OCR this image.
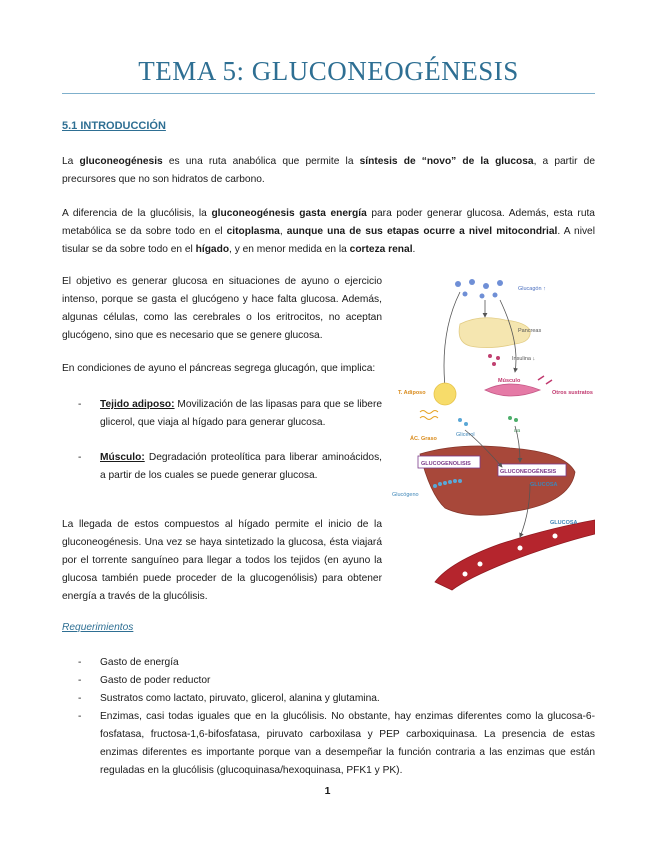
TEMA 5: GLUCONEOGÉNESIS
5.1 INTRODUCCIÓN

La gluconeogénesis es una ruta anabólica que permite la síntesis de “novo” de la glucosa, a partir de precursores que no son hidratos de carbono.

A diferencia de la glucólisis, la gluconeogénesis gasta energía para poder generar glucosa. Además, esta ruta metabólica se da sobre todo en el citoplasma, aunque una de sus etapas ocurre a nivel mitocondrial. A nivel tisular se da sobre todo en el hígado, y en menor medida en la corteza renal.

El objetivo es generar glucosa en situaciones de ayuno o ejercicio intenso, porque se gasta el glucógeno y hace falta glucosa. Además, algunas células, como las cerebrales o los eritrocitos, no aceptan glucógeno, sino que es necesario que se genere glucosa.

En condiciones de ayuno el páncreas segrega glucagón, que implica:

- Tejido adiposo: Movilización de las lipasas para que se libere glicerol, que viaja al hígado para generar glucosa.
- Músculo: Degradación proteolítica para liberar aminoácidos, a partir de los cuales se puede generar glucosa.

La llegada de estos compuestos al hígado permite el inicio de la gluconeogénesis. Una vez se haya sintetizado la glucosa, ésta viajará por el torrente sanguíneo para llegar a todos los tejidos (en ayuno la glucosa también puede proceder de la glucogenólisis) para obtener energía a través de la glucólisis.

Requerimientos
- Gasto de energía
- Gasto de poder reductor
- Sustratos como lactato, piruvato, glicerol, alanina y glutamina.
- Enzimas, casi todas iguales que en la glucólisis. No obstante, hay enzimas diferentes como la glucosa-6-fosfatasa, fructosa-1,6-bifosfatasa, piruvato carboxilasa y PEP carboxiquinasa. La presencia de estas enzimas diferentes es importante porque van a desempeñar la función contraria a las enzimas que están reguladas en la glucólisis (glucoquinasa/hexoquinasa, PFK1 y PK).
1
Glucagón ↑
Pancreas
Insulina ↓
T. Adiposo
Músculo
Otros sustratos
ÁC. Graso
Glicerol
aa
GLUCOGENOLISIS
GLUCONEOGÉNESIS
GLUCOSA
Glucógeno
GLUCOSA
